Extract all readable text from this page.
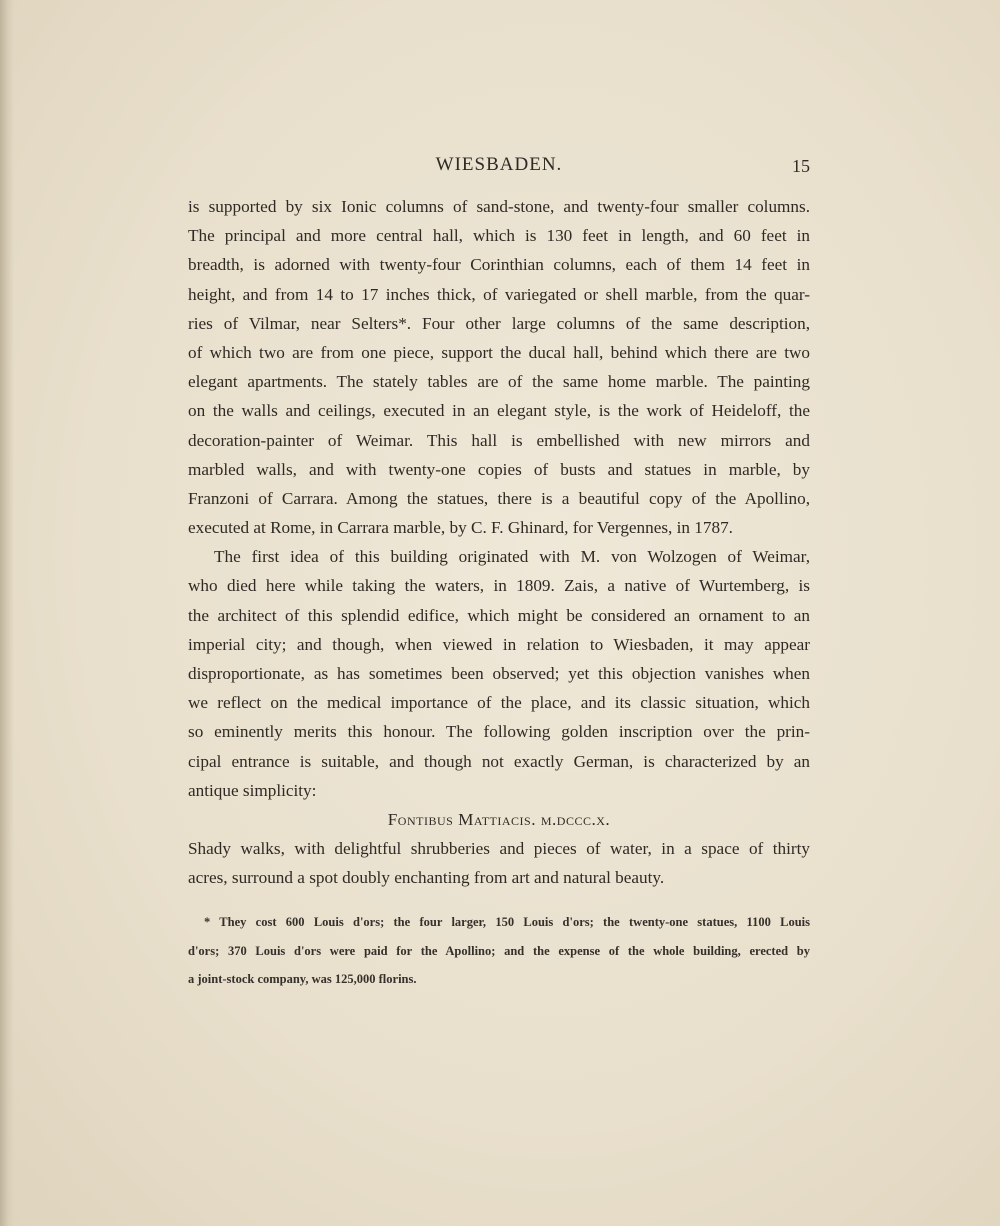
WIESBADEN.	15
is supported by six Ionic columns of sand-stone, and twenty-four smaller columns.
The principal and more central hall, which is 130 feet in length, and 60 feet in
breadth, is adorned with twenty-four Corinthian columns, each of them 14 feet in
height, and from 14 to 17 inches thick, of variegated or shell marble, from the quar-
ries of Vilmar, near Selters*. Four other large columns of the same description,
of which two are from one piece, support the ducal hall, behind which there are two
elegant apartments. The stately tables are of the same home marble. The painting
on the walls and ceilings, executed in an elegant style, is the work of Heideloff, the
decoration-painter of Weimar. This hall is embellished with new mirrors and
marbled walls, and with twenty-one copies of busts and statues in marble, by
Franzoni of Carrara. Among the statues, there is a beautiful copy of the Apollino,
executed at Rome, in Carrara marble, by C. F. Ghinard, for Vergennes, in 1787.
The first idea of this building originated with M. von Wolzogen of Weimar,
who died here while taking the waters, in 1809. Zais, a native of Wurtemberg, is
the architect of this splendid edifice, which might be considered an ornament to an
imperial city; and though, when viewed in relation to Wiesbaden, it may appear
disproportionate, as has sometimes been observed; yet this objection vanishes when
we reflect on the medical importance of the place, and its classic situation, which
so eminently merits this honour. The following golden inscription over the prin-
cipal entrance is suitable, and though not exactly German, is characterized by an
antique simplicity:
Fontibus Mattiacis. m.dccc.x.
Shady walks, with delightful shrubberies and pieces of water, in a space of thirty
acres, surround a spot doubly enchanting from art and natural beauty.
* They cost 600 Louis d'ors; the four larger, 150 Louis d'ors; the twenty-one statues, 1100 Louis
d'ors; 370 Louis d'ors were paid for the Apollino; and the expense of the whole building, erected by
a joint-stock company, was 125,000 florins.
